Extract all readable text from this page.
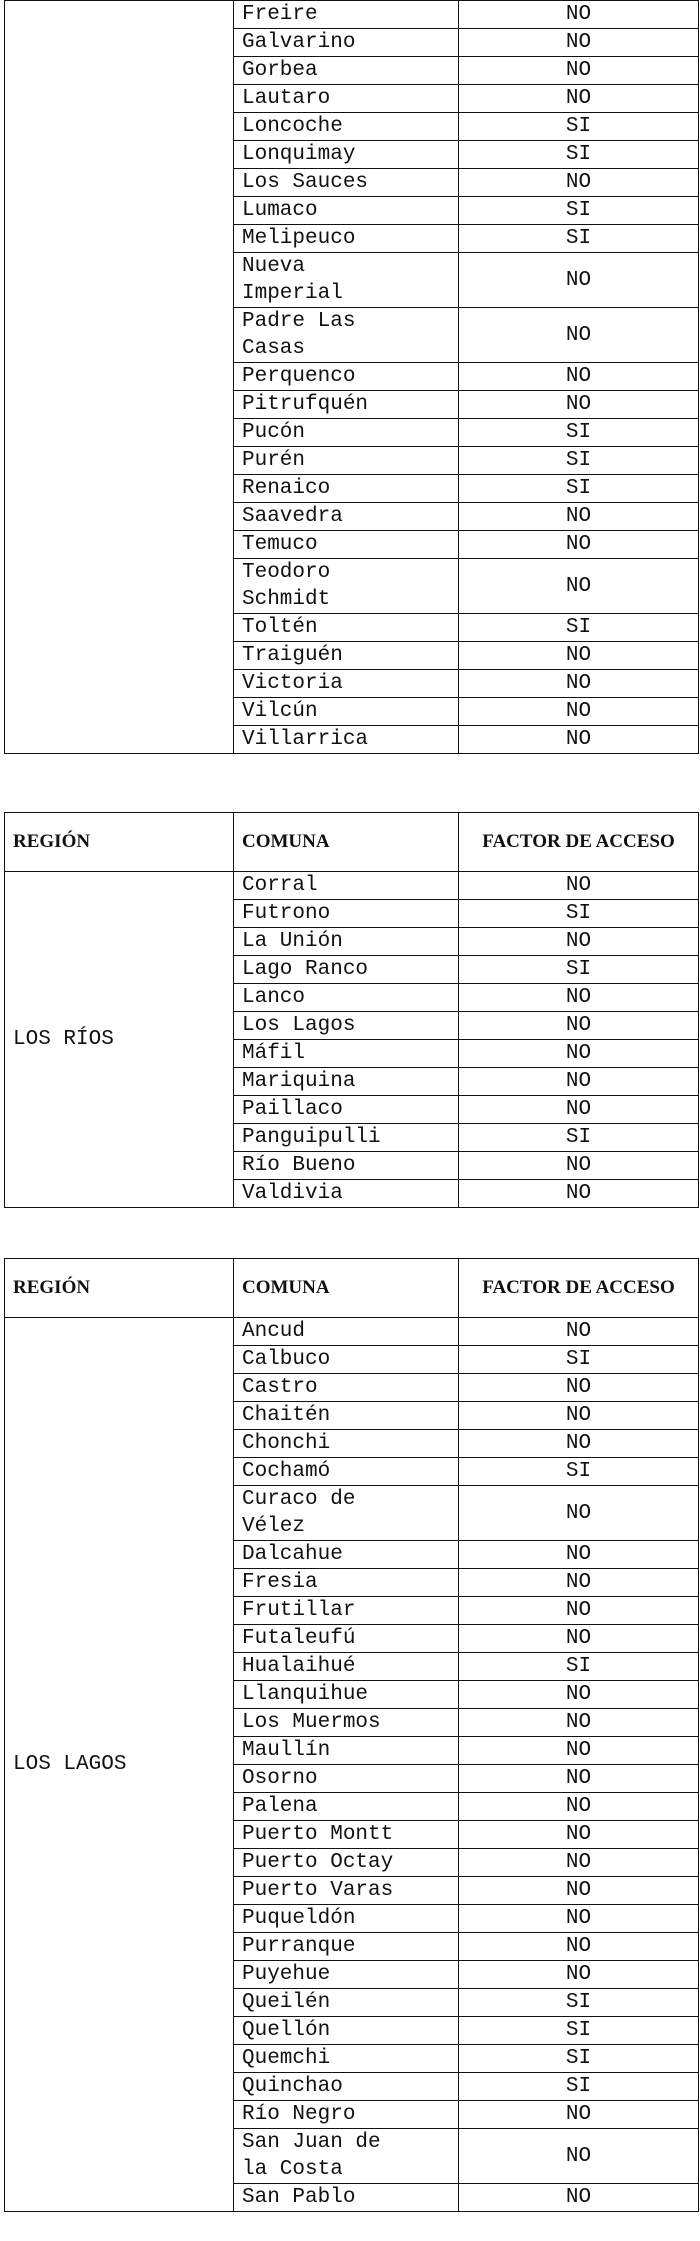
	Freire	NO
	Galvarino	NO
	Gorbea	NO
	Lautaro	NO
	Loncoche	SI
	Lonquimay	SI
	Los Sauces	NO
	Lumaco	SI
	Melipeuco	SI

	Nueva
Imperial	NO

	Padre Las
Casas	NO
	Perquenco	NO
	Pitrufquén	NO
	Pucón	SI
	Purén	SI
	Renaico	SI
	Saavedra	NO
	Temuco	NO

	Teodoro
Schmidt	NO
	Toltén	SI
	Traiguén	NO
	Victoria	NO
	Vilcún	NO
	Villarrica	NO
REGIÓN	COMUNA	FACTOR DE ACCESO
LOS RÍOS	Corral	NO
	Futrono	SI
	La Unión	NO
	Lago Ranco	SI
	Lanco	NO
	Los Lagos	NO
	Máfil	NO
	Mariquina	NO
	Paillaco	NO
	Panguipulli	SI
	Río Bueno	NO
	Valdivia	NO
REGIÓN	COMUNA	FACTOR DE ACCESO
LOS LAGOS	Ancud	NO
	Calbuco	SI
	Castro	NO
	Chaitén	NO
	Chonchi	NO
	Cochamó	SI

	Curaco de
Vélez	NO
	Dalcahue	NO
	Fresia	NO
	Frutillar	NO
	Futaleufú	NO
	Hualaihué	SI
	Llanquihue	NO
	Los Muermos	NO
	Maullín	NO
	Osorno	NO
	Palena	NO
	Puerto Montt	NO
	Puerto Octay	NO
	Puerto Varas	NO
	Puqueldón	NO
	Purranque	NO
	Puyehue	NO
	Queilén	SI
	Quellón	SI
	Quemchi	SI
	Quinchao	SI
	Río Negro	NO

	San Juan de
la Costa	NO
	San Pablo	NO
